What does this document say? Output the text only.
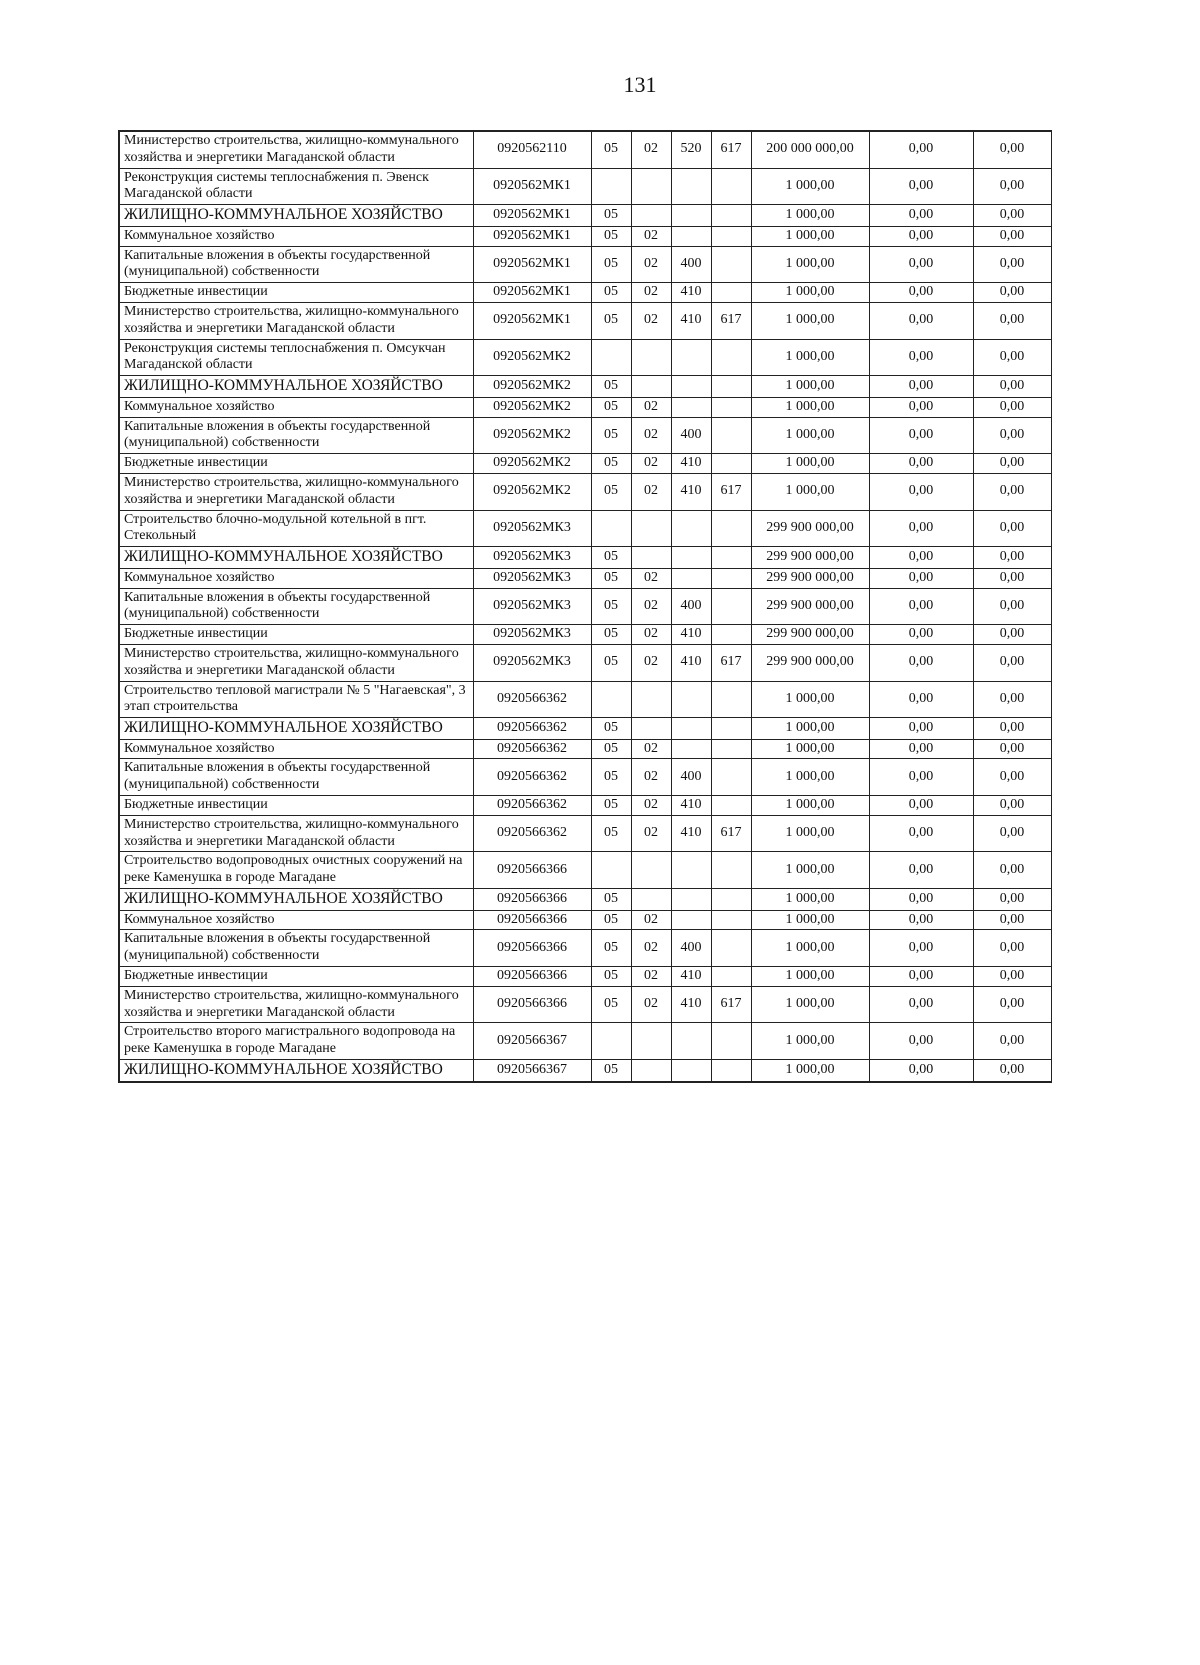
131
Министерство строительства, жилищно-коммунального хозяйства и энергетики Магаданской области	0920562110	05	02	520	617	200 000 000,00	0,00	0,00
Реконструкция системы теплоснабжения п. Эвенск Магаданской области	0920562МК1					1 000,00	0,00	0,00
ЖИЛИЩНО-КОММУНАЛЬНОЕ ХОЗЯЙСТВО	0920562МК1	05				1 000,00	0,00	0,00
Коммунальное хозяйство	0920562МК1	05	02			1 000,00	0,00	0,00
Капитальные вложения в объекты государственной (муниципальной) собственности	0920562МК1	05	02	400		1 000,00	0,00	0,00
Бюджетные инвестиции	0920562МК1	05	02	410		1 000,00	0,00	0,00
Министерство строительства, жилищно-коммунального хозяйства и энергетики Магаданской области	0920562МК1	05	02	410	617	1 000,00	0,00	0,00
Реконструкция системы теплоснабжения п. Омсукчан Магаданской области	0920562МК2					1 000,00	0,00	0,00
ЖИЛИЩНО-КОММУНАЛЬНОЕ ХОЗЯЙСТВО	0920562МК2	05				1 000,00	0,00	0,00
Коммунальное хозяйство	0920562МК2	05	02			1 000,00	0,00	0,00
Капитальные вложения в объекты государственной (муниципальной) собственности	0920562МК2	05	02	400		1 000,00	0,00	0,00
Бюджетные инвестиции	0920562МК2	05	02	410		1 000,00	0,00	0,00
Министерство строительства, жилищно-коммунального хозяйства и энергетики Магаданской области	0920562МК2	05	02	410	617	1 000,00	0,00	0,00
Строительство блочно-модульной котельной в пгт. Стекольный	0920562МК3					299 900 000,00	0,00	0,00
ЖИЛИЩНО-КОММУНАЛЬНОЕ ХОЗЯЙСТВО	0920562МК3	05				299 900 000,00	0,00	0,00
Коммунальное хозяйство	0920562МК3	05	02			299 900 000,00	0,00	0,00
Капитальные вложения в объекты государственной (муниципальной) собственности	0920562МК3	05	02	400		299 900 000,00	0,00	0,00
Бюджетные инвестиции	0920562МК3	05	02	410		299 900 000,00	0,00	0,00
Министерство строительства, жилищно-коммунального хозяйства и энергетики Магаданской области	0920562МК3	05	02	410	617	299 900 000,00	0,00	0,00
Строительство тепловой магистрали № 5 "Нагаевская", 3 этап строительства	0920566362					1 000,00	0,00	0,00
ЖИЛИЩНО-КОММУНАЛЬНОЕ ХОЗЯЙСТВО	0920566362	05				1 000,00	0,00	0,00
Коммунальное хозяйство	0920566362	05	02			1 000,00	0,00	0,00
Капитальные вложения в объекты государственной (муниципальной) собственности	0920566362	05	02	400		1 000,00	0,00	0,00
Бюджетные инвестиции	0920566362	05	02	410		1 000,00	0,00	0,00
Министерство строительства, жилищно-коммунального хозяйства и энергетики Магаданской области	0920566362	05	02	410	617	1 000,00	0,00	0,00
Строительство водопроводных очистных сооружений на реке Каменушка в городе Магадане	0920566366					1 000,00	0,00	0,00
ЖИЛИЩНО-КОММУНАЛЬНОЕ ХОЗЯЙСТВО	0920566366	05				1 000,00	0,00	0,00
Коммунальное хозяйство	0920566366	05	02			1 000,00	0,00	0,00
Капитальные вложения в объекты государственной (муниципальной) собственности	0920566366	05	02	400		1 000,00	0,00	0,00
Бюджетные инвестиции	0920566366	05	02	410		1 000,00	0,00	0,00
Министерство строительства, жилищно-коммунального хозяйства и энергетики Магаданской области	0920566366	05	02	410	617	1 000,00	0,00	0,00
Строительство второго магистрального водопровода на реке Каменушка в городе Магадане	0920566367					1 000,00	0,00	0,00
ЖИЛИЩНО-КОММУНАЛЬНОЕ ХОЗЯЙСТВО	0920566367	05				1 000,00	0,00	0,00
